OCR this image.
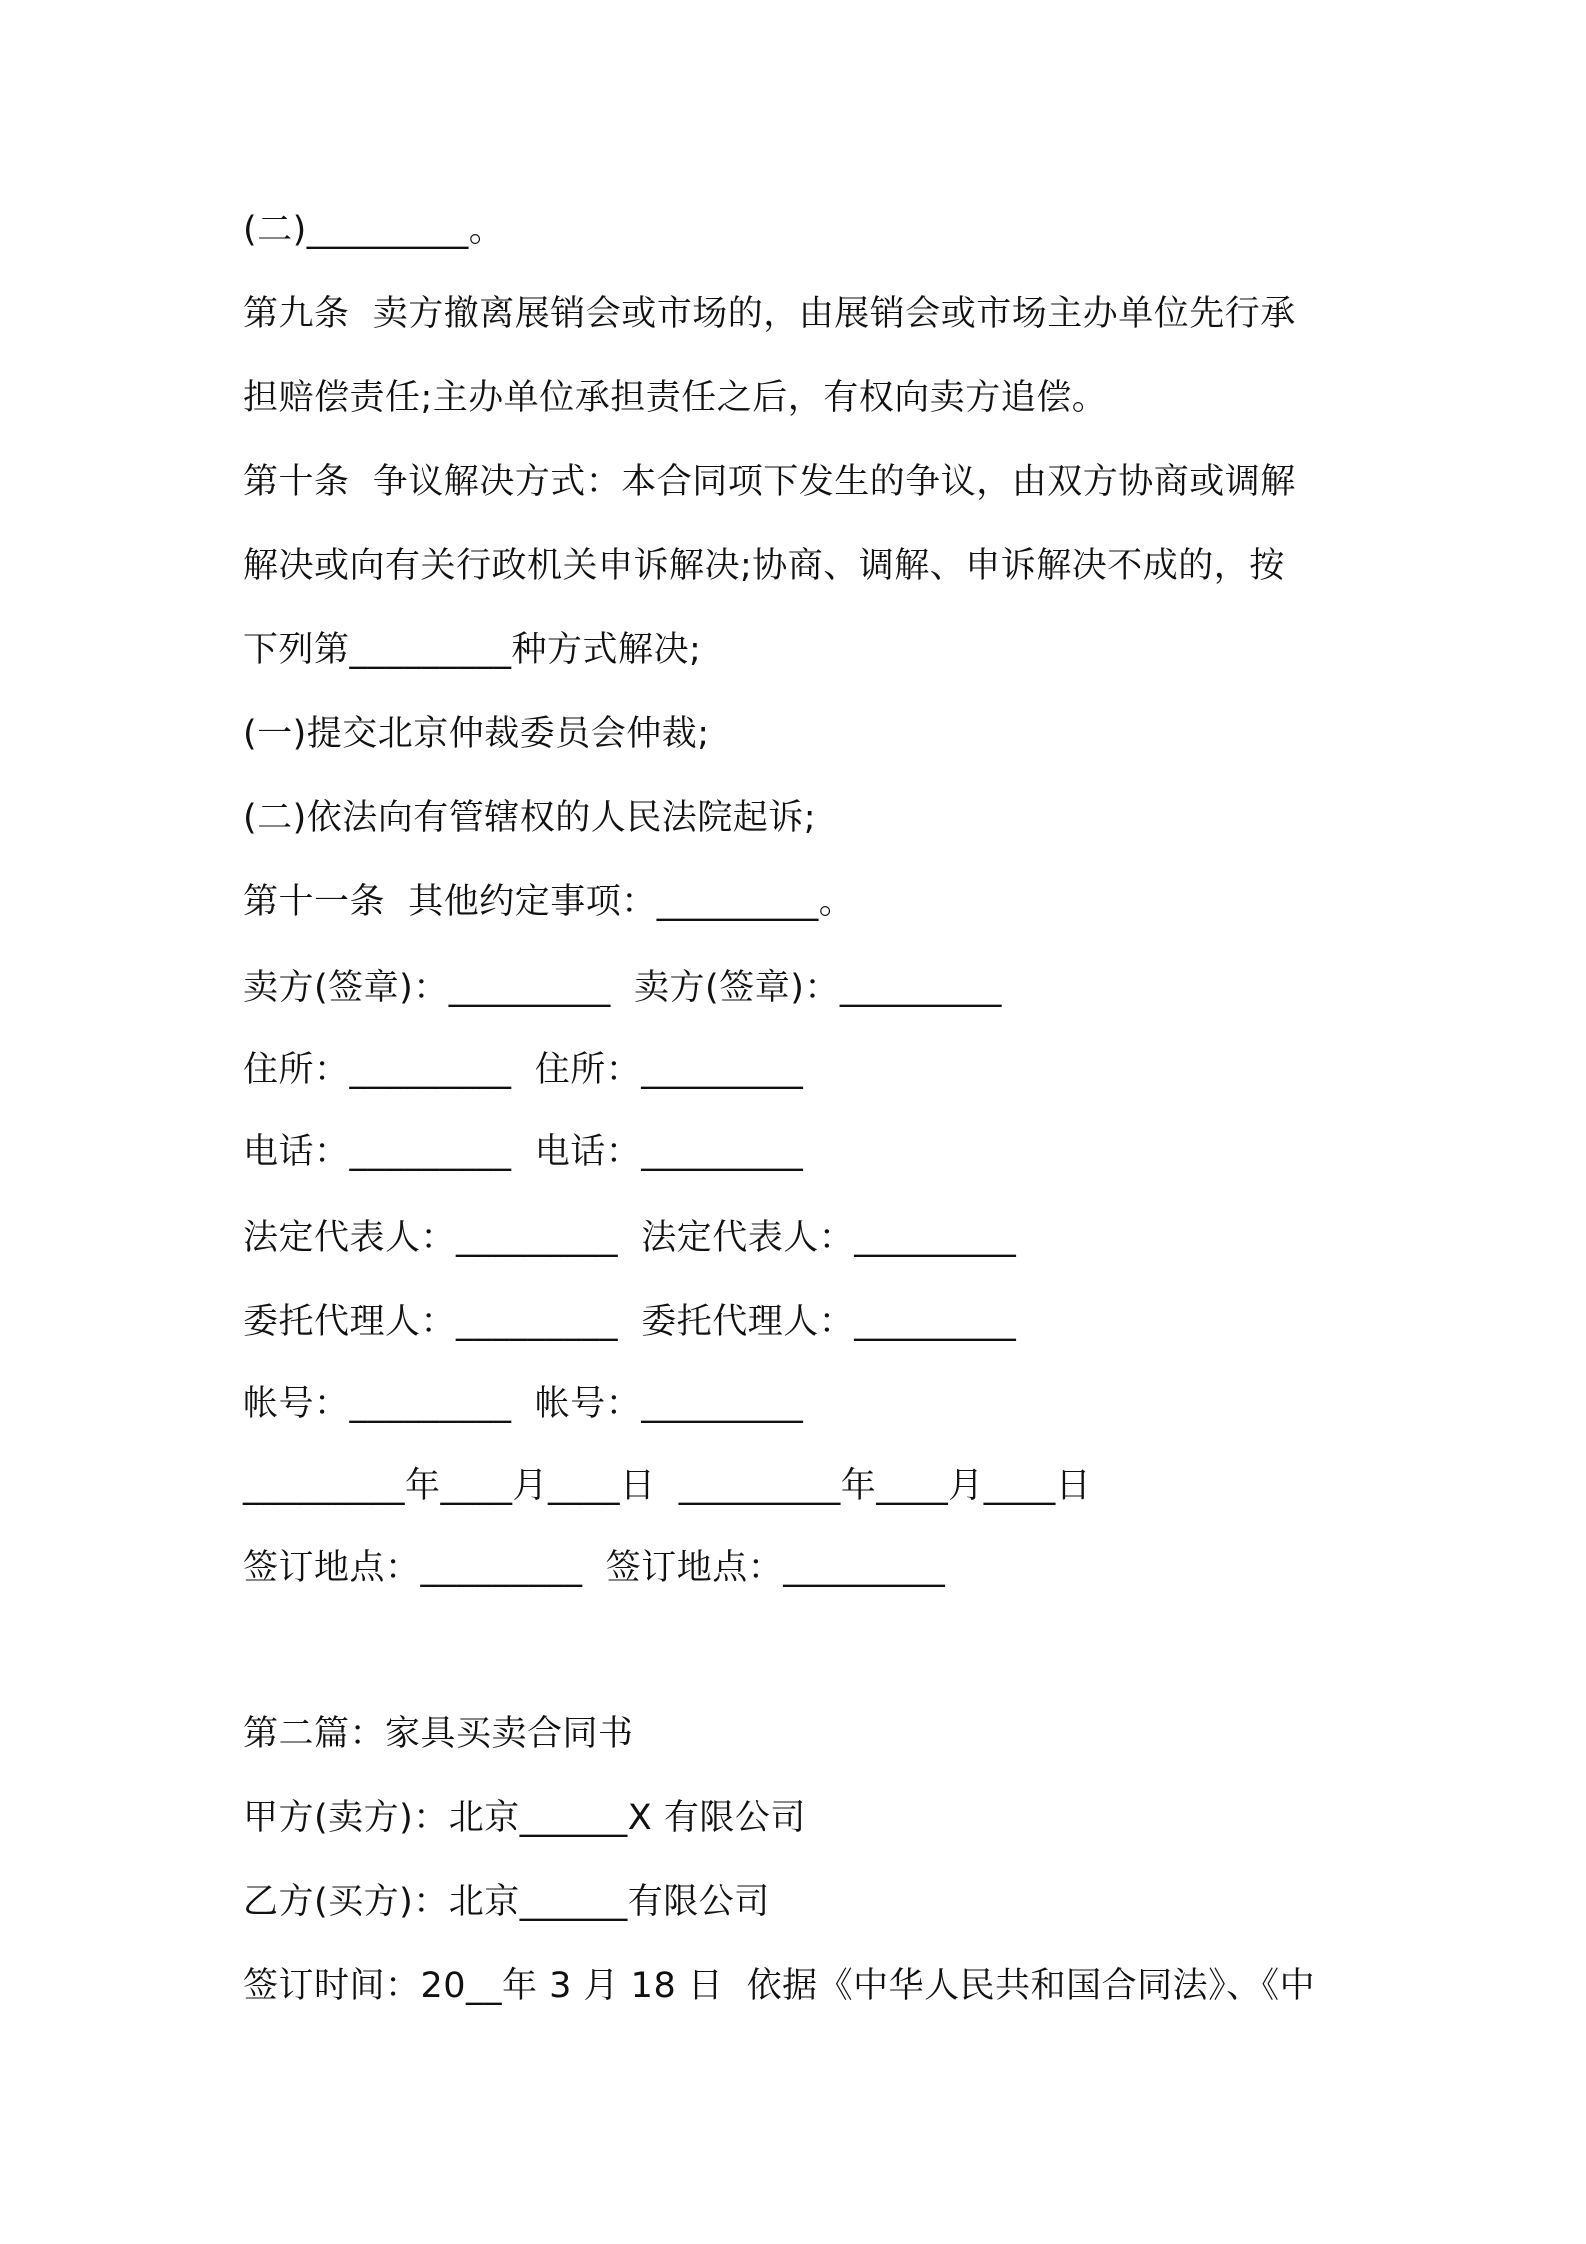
(二)_________。
第九条  卖方撤离展销会或市场的，由展销会或市场主办单位先行承
担赔偿责任;主办单位承担责任之后，有权向卖方追偿。
第十条  争议解决方式：本合同项下发生的争议，由双方协商或调解
解决或向有关行政机关申诉解决;协商、调解、申诉解决不成的，按
下列第_________种方式解决;
(一)提交北京仲裁委员会仲裁;
(二)依法向有管辖权的人民法院起诉;
第十一条  其他约定事项：_________。
卖方(签章)：_________  卖方(签章)：_________
住所：_________  住所：_________
电话：_________  电话：_________
法定代表人：_________  法定代表人：_________
委托代理人：_________  委托代理人：_________
帐号：_________  帐号：_________
_________年____月____日  _________年____月____日
签订地点：_________  签订地点：_________
第二篇：家具买卖合同书
甲方(卖方)：北京______X 有限公司
乙方(买方)：北京______有限公司
签订时间：20__年 3 月 18 日  依据《中华人民共和国合同法》、《中
